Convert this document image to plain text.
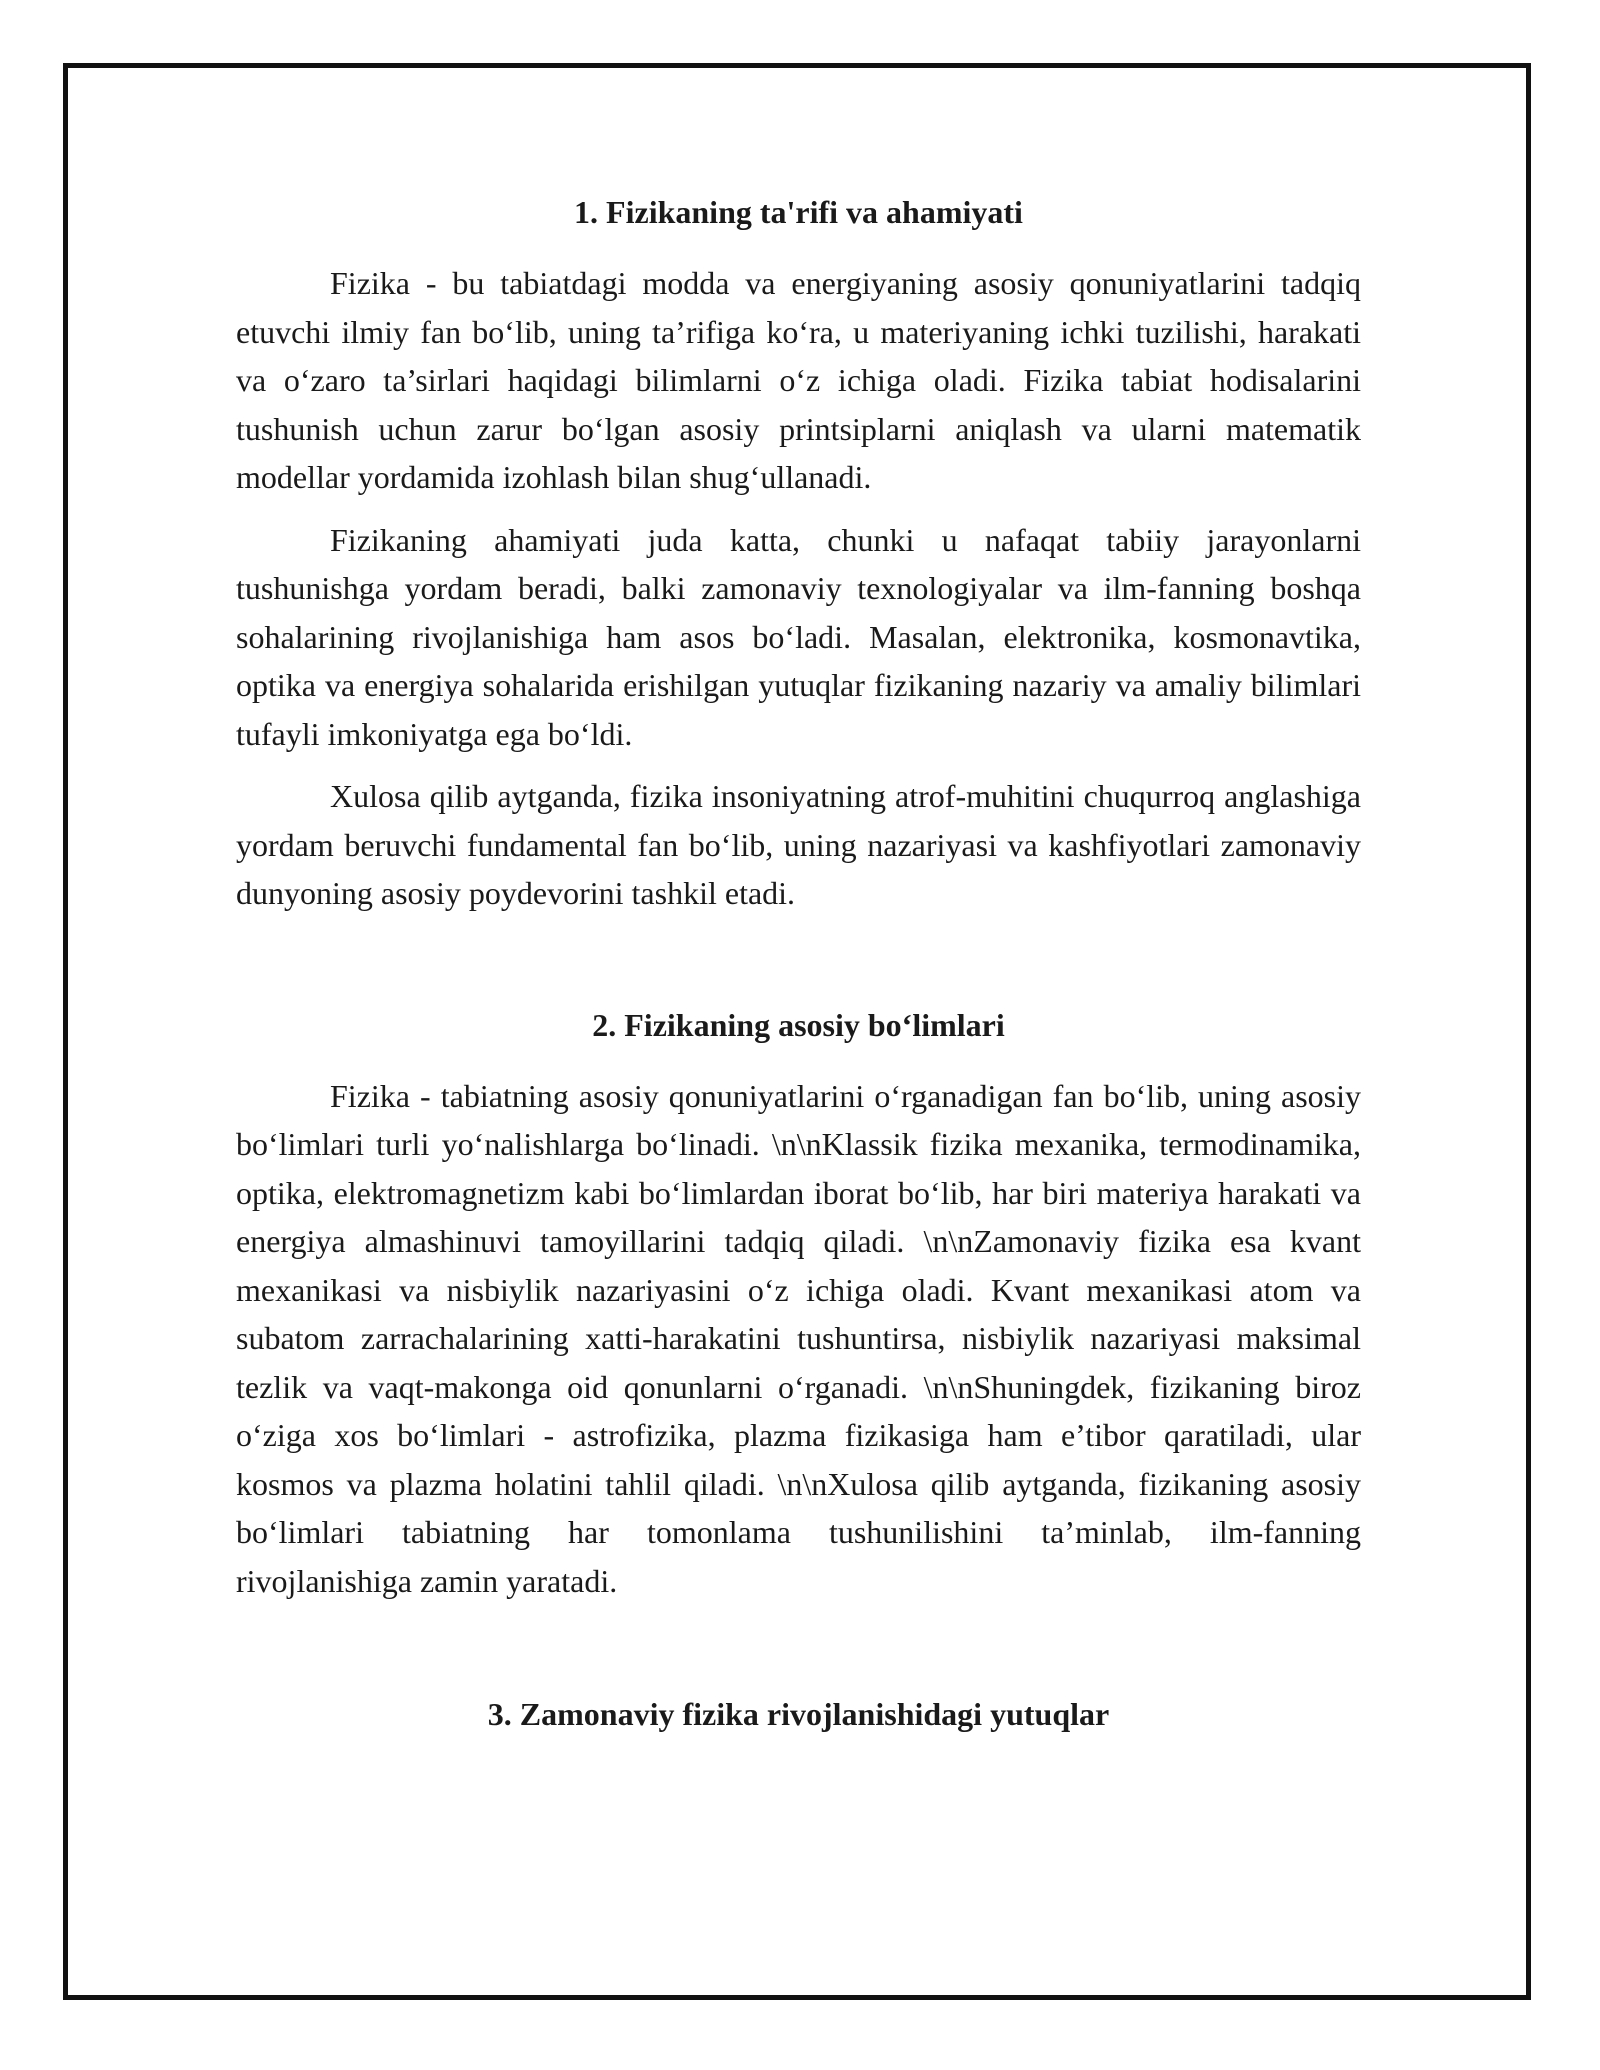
1. Fizikaning ta'rifi va ahamiyati

Fizika - bu tabiatdagi modda va energiyaning asosiy qonuniyatlarini tadqiq etuvchi ilmiy fan bo‘lib, uning ta’rifiga ko‘ra, u materiyaning ichki tuzilishi, harakati va o‘zaro ta’sirlari haqidagi bilimlarni o‘z ichiga oladi. Fizika tabiat hodisalarini tushunish uchun zarur bo‘lgan asosiy printsiplarni aniqlash va ularni matematik modellar yordamida izohlash bilan shug‘ullanadi.

Fizikaning ahamiyati juda katta, chunki u nafaqat tabiiy jarayonlarni tushunishga yordam beradi, balki zamonaviy texnologiyalar va ilm-fanning boshqa sohalarining rivojlanishiga ham asos bo‘ladi. Masalan, elektronika, kosmonavtika, optika va energiya sohalarida erishilgan yutuqlar fizikaning nazariy va amaliy bilimlari tufayli imkoniyatga ega bo‘ldi.

Xulosa qilib aytganda, fizika insoniyatning atrof-muhitini chuqurroq anglashiga yordam beruvchi fundamental fan bo‘lib, uning nazariyasi va kashfiyotlari zamonaviy dunyoning asosiy poydevorini tashkil etadi.

2. Fizikaning asosiy bo‘limlari

Fizika - tabiatning asosiy qonuniyatlarini o‘rganadigan fan bo‘lib, uning asosiy bo‘limlari turli yo‘nalishlarga bo‘linadi. \n\nKlassik fizika mexanika, termodinamika, optika, elektromagnetizm kabi bo‘limlardan iborat bo‘lib, har biri materiya harakati va energiya almashinuvi tamoyillarini tadqiq qiladi. \n\nZamonaviy fizika esa kvant mexanikasi va nisbiylik nazariyasini o‘z ichiga oladi. Kvant mexanikasi atom va subatom zarrachalarining xatti-harakatini tushuntirsa, nisbiylik nazariyasi maksimal tezlik va vaqt-makonga oid qonunlarni o‘rganadi. \n\nShuningdek, fizikaning biroz o‘ziga xos bo‘limlari - astrofizika, plazma fizikasiga ham e’tibor qaratiladi, ular kosmos va plazma holatini tahlil qiladi. \n\nXulosa qilib aytganda, fizikaning asosiy bo‘limlari tabiatning har tomonlama tushunilishini ta’minlab, ilm-fanning rivojlanishiga zamin yaratadi.

3. Zamonaviy fizika rivojlanishidagi yutuqlar
